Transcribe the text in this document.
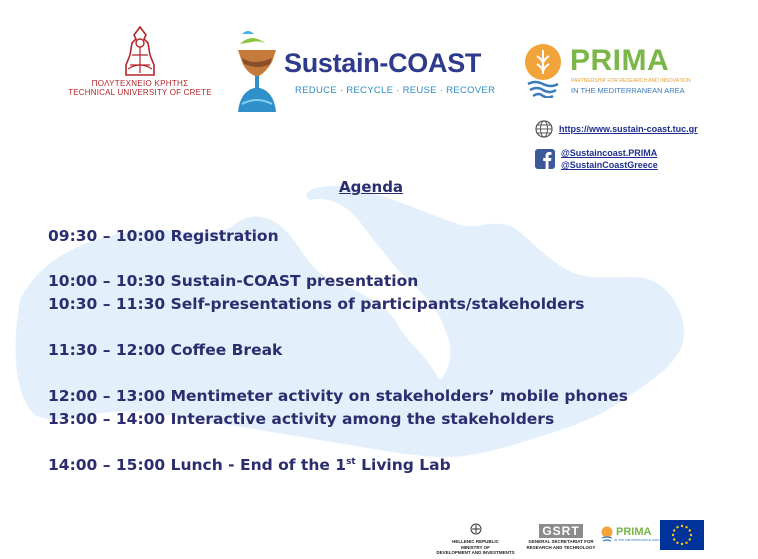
ΠΟΛΥΤΕΧΝΕΙΟ ΚΡΗΤΗΣ
TECHNICAL UNIVERSITY OF CRETE
Sustain-COAST
REDUCE · RECYCLE · REUSE · RECOVER
PRIMA
PARTNERSHIP FOR RESEARCH AND INNOVATION
IN THE MEDITERRANEAN AREA
https://www.sustain-coast.tuc.gr
@Sustaincoast.PRIMA
@SustainCoastGreece
Agenda
09:30 – 10:00 Registration
10:00 – 10:30 Sustain-COAST presentation
10:30 – 11:30 Self-presentations of participants/stakeholders
11:30 – 12:00 Coffee Break
12:00 – 13:00 Mentimeter activity on stakeholders’ mobile phones
13:00 – 14:00 Interactive activity among the stakeholders
14:00 – 15:00 Lunch - End of the 1st Living Lab
HELLENIC REPUBLIC
MINISTRY OF
DEVELOPMENT AND INVESTMENTS
GSRT
GENERAL SECRETARIAT FOR
RESEARCH AND TECHNOLOGY
PRIMA
IN THE MEDITERRANEAN AREA
